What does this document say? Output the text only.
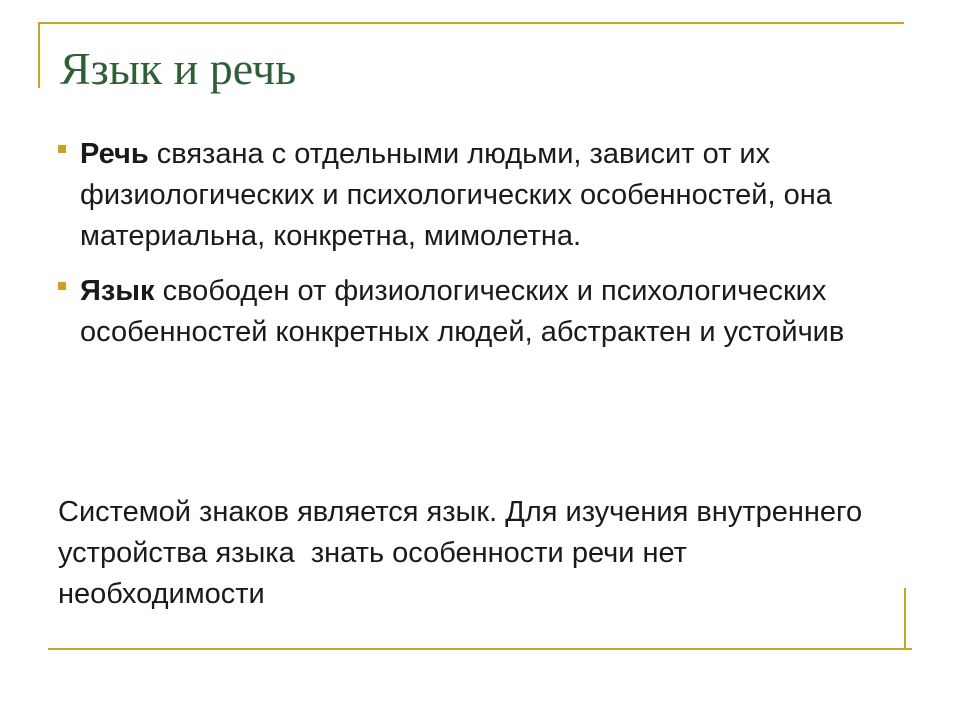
Язык и речь
Речь связана с отдельными людьми, зависит от их физиологических и психологических особенностей, она материальна, конкретна, мимолетна.
Язык свободен от физиологических и психологических особенностей конкретных людей, абстрактен и устойчив
Системой знаков является язык. Для изучения внутреннего  устройства языка  знать особенности речи нет необходимости
